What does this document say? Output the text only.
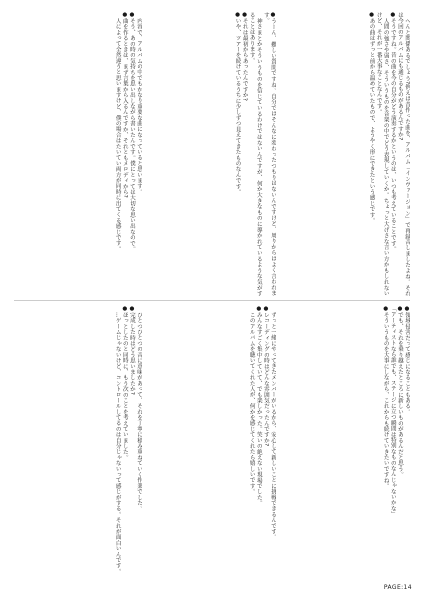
へんと関係あるでしょう?例えば昔作った曲を、アルバム「インヴァージョン」で再録音しましたよね。それは今回のアルバムにも通じるものがあるんですか?

●そうですね。昔の曲を今の自分がどう演奏するかというのは、いつも考えていることです。

人間の強さや弱さ、そういうものを音楽の中でどう表現していくか。ちょっと大げさな言い方かもしれないけど、それが一番大事なことなんです。

●あの曲はずっと前から温めていたもので、ようやく形にできたという感じです。

●うーん、難しい質問ですね。自分ではそんなに変わったつもりはないんですけど、周りからはよく言われます。

神さまとかそういうものを信じているわけではないんですが、何か大きなものに導かれているような気がすることはあります。

●それは最初からあったんですか?

●いや、ツアーを続けているうちに少しずつ見えてきたものなんです。

内容で、アルバムの中でもかなり重要な曲になっていると思います。

●そう、あの時の気持ちを思い出しながら書いたんです。僕にとっては大切な思い出なので。

●曲を作るときは、まず言葉から入るんですか、それともメロディから?

人によって全然違うと思いますけど、僕の場合はたいてい両方が同時に出てくる感じです。

●領域侵害だって感じになることもある。

●でも、それを乗り越えたところに新しいものがあるんだと思う。

「アーティストなら誰でも、ステージに立つ瞬間は特別なものなんじゃないかな」

●そういうものを大事にしながら、これからも続けていきたいですね。

ずっと一緒にやってきたメンバーがいるから、安心して新しいことに挑戦できるんです。

●レコーディングの時はどんな雰囲気だったんですか?

●みんなすごく集中していて、でも楽しかった。笑いの絶えない現場でした。

このアルバムを聴いてくれた人が、何かを感じてくれたら嬉しいです。

ひとつひとつの音に意味があって、それを丁寧に積み重ねていく作業でした。

●完成した時はどう思いましたか?

●ほっとしたのと同時に、もう次のことを考えていました。

…ゲームじゃないけど、コントロールしてるのは自分じゃないって感じがする。それが面白いんです。

PAGE:14
